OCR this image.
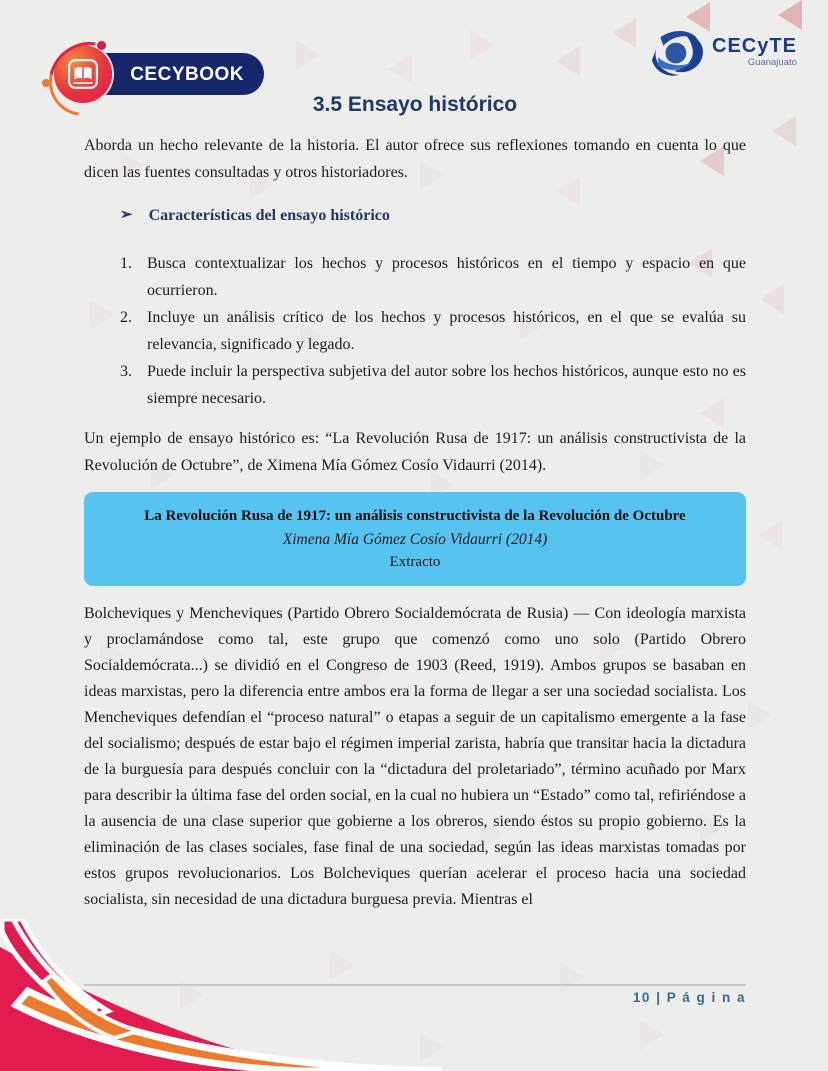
CECYBOOK
CECyTE
Guanajuato
3.5 Ensayo histórico

Aborda un hecho relevante de la historia. El autor ofrece sus reflexiones tomando en cuenta lo que dicen las fuentes consultadas y otros historiadores.

➢ Características del ensayo histórico
1. Busca contextualizar los hechos y procesos históricos en el tiempo y espacio en que ocurrieron.
2. Incluye un análisis crítico de los hechos y procesos históricos, en el que se evalúa su relevancia, significado y legado.
3. Puede incluir la perspectiva subjetiva del autor sobre los hechos históricos, aunque esto no es siempre necesario.

Un ejemplo de ensayo histórico es: “La Revolución Rusa de 1917: un análisis constructivista de la Revolución de Octubre”, de Ximena Mía Gómez Cosío Vidaurri (2014).

La Revolución Rusa de 1917: un análisis constructivista de la Revolución de Octubre
Ximena Mía Gómez Cosío Vidaurri (2014)
Extracto

Bolcheviques y Mencheviques (Partido Obrero Socialdemócrata de Rusia) — Con ideología marxista y proclamándose como tal, este grupo que comenzó como uno solo (Partido Obrero Socialdemócrata...) se dividió en el Congreso de 1903 (Reed, 1919). Ambos grupos se basaban en ideas marxistas, pero la diferencia entre ambos era la forma de llegar a ser una sociedad socialista. Los Mencheviques defendían el “proceso natural” o etapas a seguir de un capitalismo emergente a la fase del socialismo; después de estar bajo el régimen imperial zarista, habría que transitar hacia la dictadura de la burguesía para después concluir con la “dictadura del proletariado”, término acuñado por Marx para describir la última fase del orden social, en la cual no hubiera un “Estado” como tal, refiriéndose a la ausencia de una clase superior que gobierne a los obreros, siendo éstos su propio gobierno. Es la eliminación de las clases sociales, fase final de una sociedad, según las ideas marxistas tomadas por estos grupos revolucionarios. Los Bolcheviques querían acelerar el proceso hacia una sociedad socialista, sin necesidad de una dictadura burguesa previa. Mientras el

10 | P á g i n a
